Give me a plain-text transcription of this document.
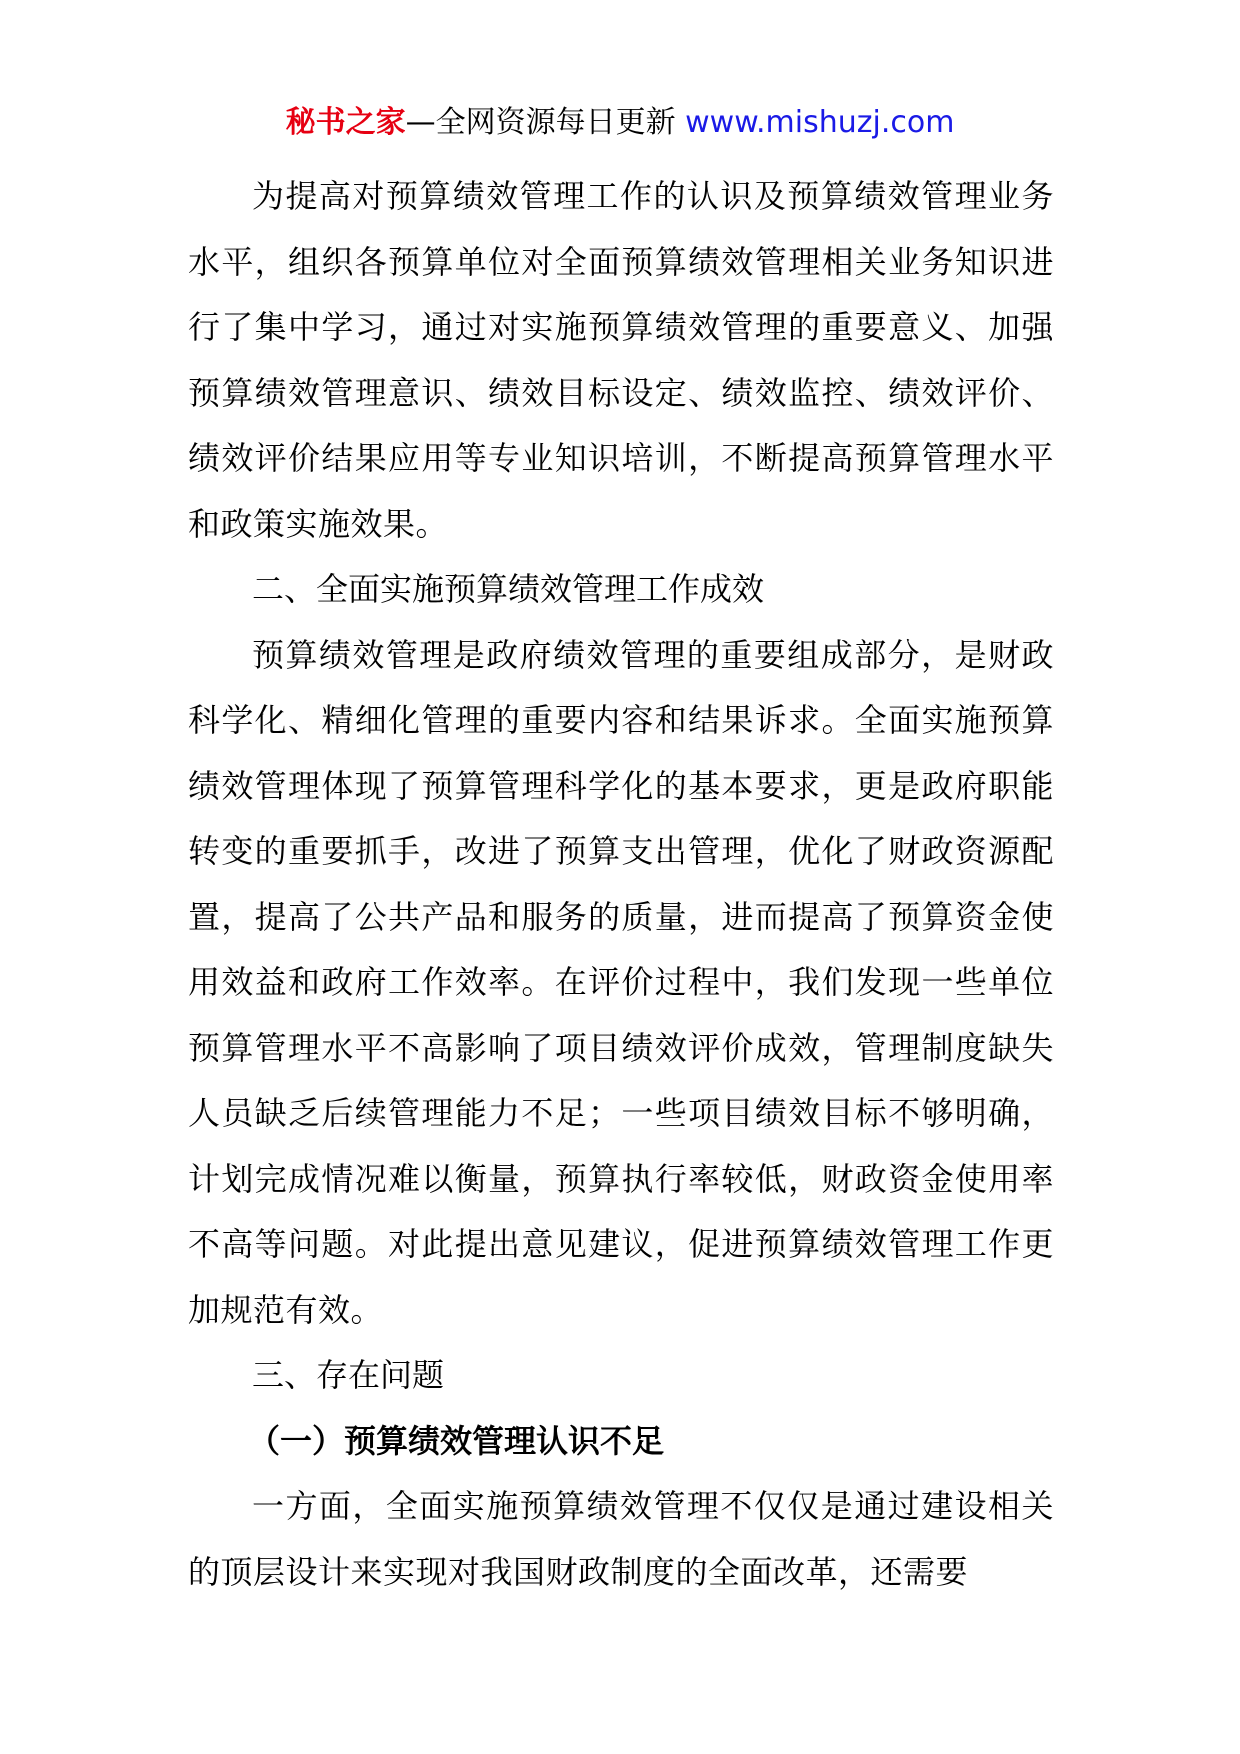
秘书之家—全网资源每日更新 www.mishuzj.com

为提高对预算绩效管理工作的认识及预算绩效管理业务水平，组织各预算单位对全面预算绩效管理相关业务知识进行了集中学习，通过对实施预算绩效管理的重要意义、加强预算绩效管理意识、绩效目标设定、绩效监控、绩效评价、绩效评价结果应用等专业知识培训，不断提高预算管理水平和政策实施效果。

二、全面实施预算绩效管理工作成效

预算绩效管理是政府绩效管理的重要组成部分，是财政科学化、精细化管理的重要内容和结果诉求。全面实施预算绩效管理体现了预算管理科学化的基本要求，更是政府职能转变的重要抓手，改进了预算支出管理，优化了财政资源配置，提高了公共产品和服务的质量，进而提高了预算资金使用效益和政府工作效率。在评价过程中，我们发现一些单位预算管理水平不高影响了项目绩效评价成效，管理制度缺失人员缺乏后续管理能力不足；一些项目绩效目标不够明确，计划完成情况难以衡量，预算执行率较低，财政资金使用率不高等问题。对此提出意见建议，促进预算绩效管理工作更加规范有效。

三、存在问题

（一）预算绩效管理认识不足

一方面，全面实施预算绩效管理不仅仅是通过建设相关的顶层设计来实现对我国财政制度的全面改革，还需要
